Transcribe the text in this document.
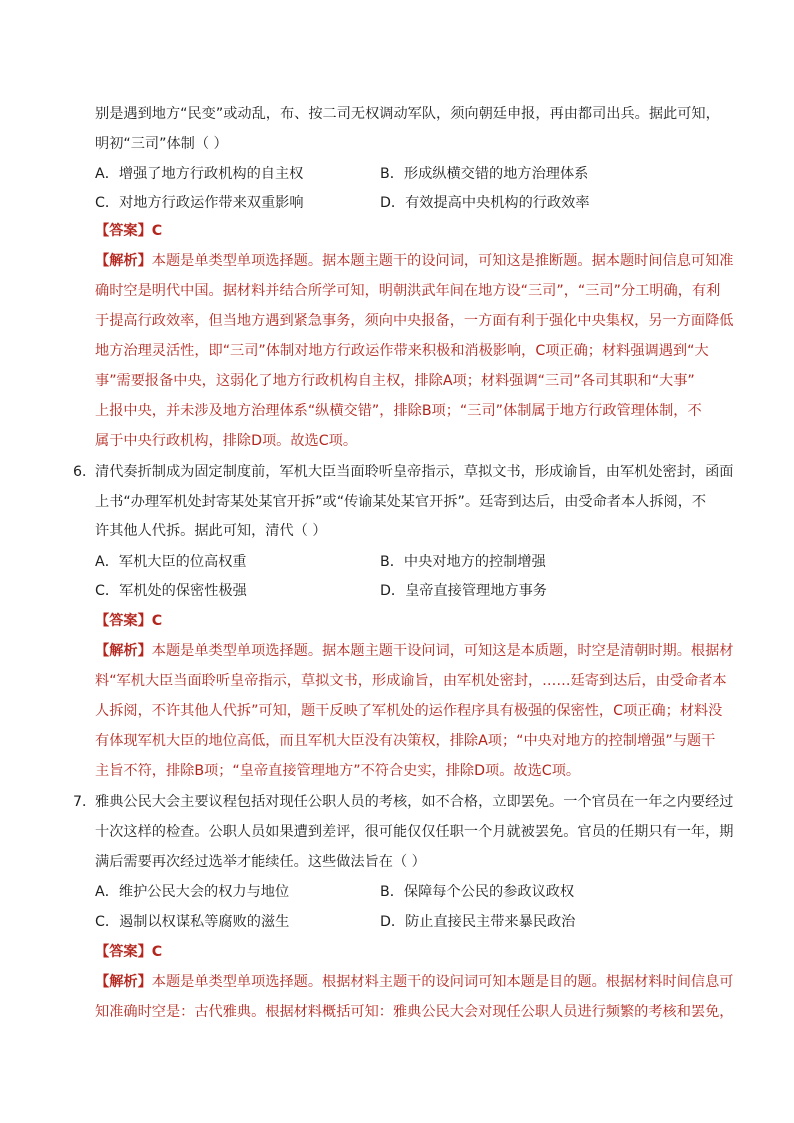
别是遇到地方“民变”或动乱，布、按二司无权调动军队，须向朝廷申报，再由都司出兵。据此可知，
明初“三司”体制（ ）
A．增强了地方行政机构的自主权	B．形成纵横交错的地方治理体系
C．对地方行政运作带来双重影响	D．有效提高中央机构的行政效率
【答案】C
【解析】本题是单类型单项选择题。据本题主题干的设问词，可知这是推断题。据本题时间信息可知准
确时空是明代中国。据材料并结合所学可知，明朝洪武年间在地方设“三司”，“三司”分工明确，有利
于提高行政效率，但当地方遇到紧急事务，须向中央报备，一方面有利于强化中央集权，另一方面降低
地方治理灵活性，即“三司”体制对地方行政运作带来积极和消极影响，C项正确；材料强调遇到“大
事”需要报备中央，这弱化了地方行政机构自主权，排除A项；材料强调“三司”各司其职和“大事”
上报中央，并未涉及地方治理体系“纵横交错”，排除B项；“三司”体制属于地方行政管理体制，不
属于中央行政机构，排除D项。故选C项。
6．
清代奏折制成为固定制度前，军机大臣当面聆听皇帝指示，草拟文书，形成谕旨，由军机处密封，函面
上书“办理军机处封寄某处某官开拆”或“传谕某处某官开拆”。廷寄到达后，由受命者本人拆阅，不
许其他人代拆。据此可知，清代（ ）
A．军机大臣的位高权重	B．中央对地方的控制增强
C．军机处的保密性极强	D．皇帝直接管理地方事务
【答案】C
【解析】本题是单类型单项选择题。据本题主题干设问词，可知这是本质题，时空是清朝时期。根据材
料“军机大臣当面聆听皇帝指示，草拟文书，形成谕旨，由军机处密封，……廷寄到达后，由受命者本
人拆阅，不许其他人代拆”可知，题干反映了军机处的运作程序具有极强的保密性，C项正确；材料没
有体现军机大臣的地位高低，而且军机大臣没有决策权，排除A项；“中央对地方的控制增强”与题干
主旨不符，排除B项；“皇帝直接管理地方”不符合史实，排除D项。故选C项。
7．
雅典公民大会主要议程包括对现任公职人员的考核，如不合格，立即罢免。一个官员在一年之内要经过
十次这样的检查。公职人员如果遭到差评，很可能仅仅任职一个月就被罢免。官员的任期只有一年，期
满后需要再次经过选举才能续任。这些做法旨在（ ）
A．维护公民大会的权力与地位	B．保障每个公民的参政议政权
C．遏制以权谋私等腐败的滋生	D．防止直接民主带来暴民政治
【答案】C
【解析】本题是单类型单项选择题。根据材料主题干的设问词可知本题是目的题。根据材料时间信息可
知准确时空是：古代雅典。根据材料概括可知：雅典公民大会对现任公职人员进行频繁的考核和罢免，
